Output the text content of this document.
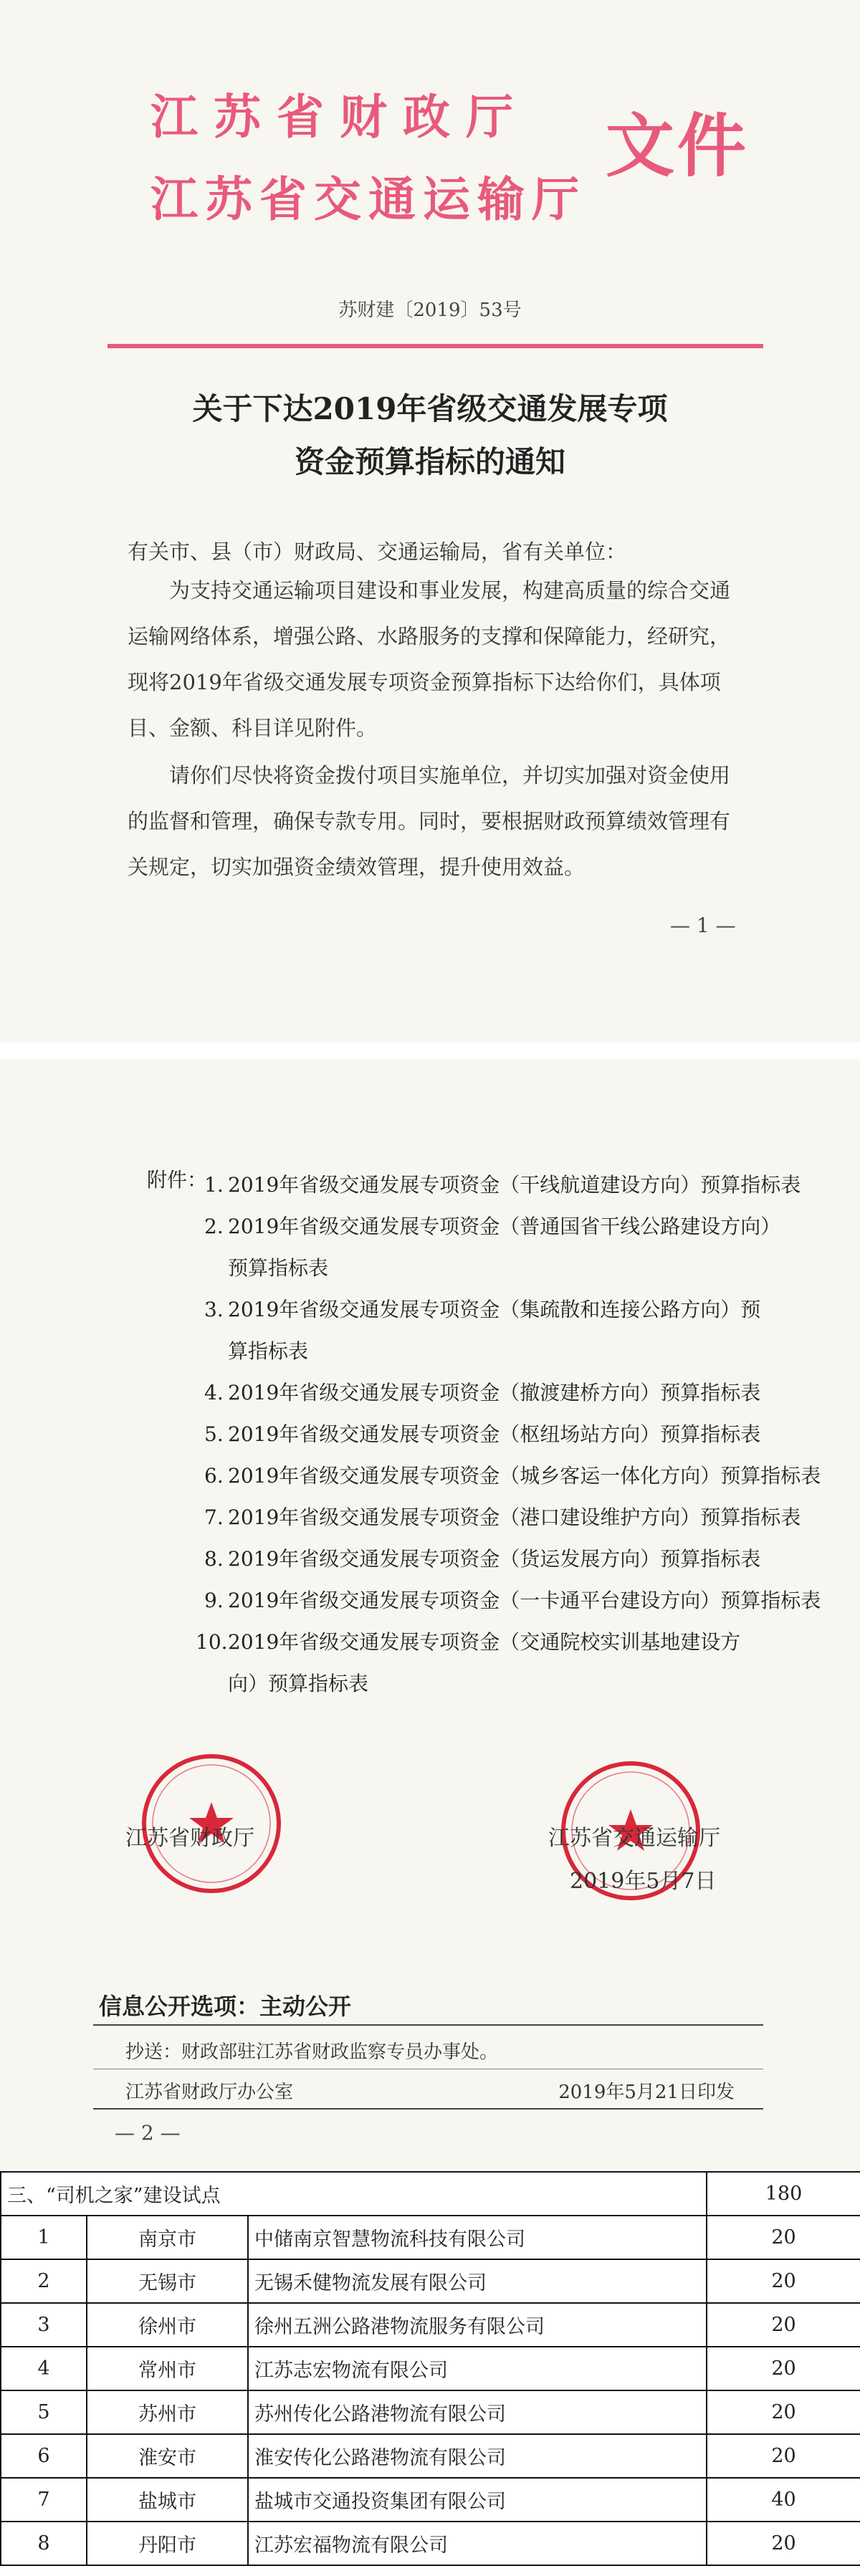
江苏省财政厅
江苏省交通运输厅
文件
苏财建〔2019〕53号
关于下达2019年省级交通发展专项
资金预算指标的通知
有关市、县（市）财政局、交通运输局，省有关单位：
为支持交通运输项目建设和事业发展，构建高质量的综合交通运输网络体系，增强公路、水路服务的支撑和保障能力，经研究，现将2019年省级交通发展专项资金预算指标下达给你们，具体项目、金额、科目详见附件。
请你们尽快将资金拨付项目实施单位，并切实加强对资金使用的监督和管理，确保专款专用。同时，要根据财政预算绩效管理有关规定，切实加强资金绩效管理，提升使用效益。
— 1 —
附件：
1. 2019年省级交通发展专项资金（干线航道建设方向）预算指标表
2. 2019年省级交通发展专项资金（普通国省干线公路建设方向）
预算指标表
3. 2019年省级交通发展专项资金（集疏散和连接公路方向）预
算指标表
4. 2019年省级交通发展专项资金（撤渡建桥方向）预算指标表
5. 2019年省级交通发展专项资金（枢纽场站方向）预算指标表
6. 2019年省级交通发展专项资金（城乡客运一体化方向）预算指标表
7. 2019年省级交通发展专项资金（港口建设维护方向）预算指标表
8. 2019年省级交通发展专项资金（货运发展方向）预算指标表
9. 2019年省级交通发展专项资金（一卡通平台建设方向）预算指标表
10. 2019年省级交通发展专项资金（交通院校实训基地建设方
向）预算指标表
江苏省财政厅	江苏省交通运输厅
2019年5月7日
信息公开选项：主动公开
抄送：财政部驻江苏省财政监察专员办事处。
江苏省财政厅办公室	2019年5月21日印发
— 2 —
三、“司机之家”建设试点			180
1	南京市	中储南京智慧物流科技有限公司	20
2	无锡市	无锡禾健物流发展有限公司	20
3	徐州市	徐州五洲公路港物流服务有限公司	20
4	常州市	江苏志宏物流有限公司	20
5	苏州市	苏州传化公路港物流有限公司	20
6	淮安市	淮安传化公路港物流有限公司	20
7	盐城市	盐城市交通投资集团有限公司	40
8	丹阳市	江苏宏福物流有限公司	20
